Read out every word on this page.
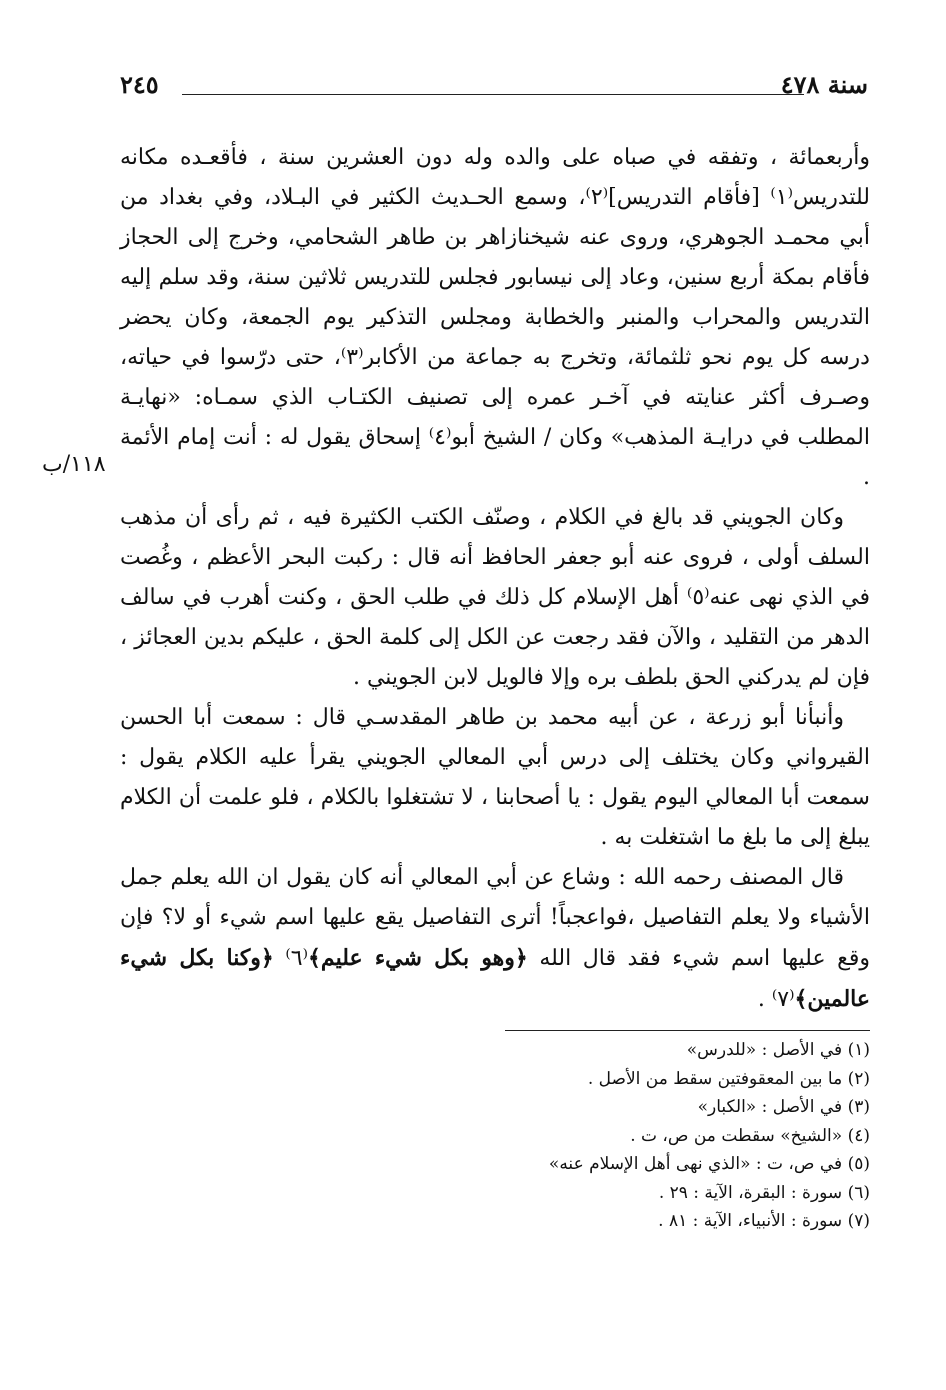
سنة ٤٧٨
٢٤٥
١١٨/ب

وأربعمائة ، وتفقه في صباه على والده وله دون العشرين سنة ، فأقعـده مكانه للتدريس⁽١⁾ [فأقام التدريس]⁽٢⁾، وسمع الحـديث الكثير في البـلاد، وفي بغداد من أبي محمـد الجوهري، وروى عنه شيخنازاهر بن طاهر الشحامي، وخرج إلى الحجاز فأقام بمكة أربع سنين، وعاد إلى نيسابور فجلس للتدريس ثلاثين سنة، وقد سلم إليه التدريس والمحراب والمنبر والخطابة ومجلس التذكير يوم الجمعة، وكان يحضر درسه كل يوم نحو ثلثمائة، وتخرج به جماعة من الأكابر⁽٣⁾، حتى درّسوا في حياته، وصـرف أكثر عنايته في آخـر عمره إلى تصنيف الكتـاب الذي سمـاه: «نهايـة المطلب في درايـة المذهب» وكان / الشيخ أبو⁽٤⁾ إسحاق يقول له : أنت إمام الأئمة .

وكان الجويني قد بالغ في الكلام ، وصنّف الكتب الكثيرة فيه ، ثم رأى أن مذهب السلف أولى ، فروى عنه أبو جعفر الحافظ أنه قال : ركبت البحر الأعظم ، وغُصت في الذي نهى عنه⁽٥⁾ أهل الإسلام كل ذلك في طلب الحق ، وكنت أهرب في سالف الدهر من التقليد ، والآن فقد رجعت عن الكل إلى كلمة الحق ، عليكم بدين العجائز ، فإن لم يدركني الحق بلطف بره وإلا فالويل لابن الجويني .

وأنبأنا أبو زرعة ، عن أبيه محمد بن طاهر المقدسـي قال : سمعت أبا الحسن القيرواني وكان يختلف إلى درس أبي المعالي الجويني يقرأ عليه الكلام يقول : سمعت أبا المعالي اليوم يقول : يا أصحابنا ، لا تشتغلوا بالكلام ، فلو علمت أن الكلام يبلغ إلى ما بلغ ما اشتغلت به .

قال المصنف رحمه الله : وشاع عن أبي المعالي أنه كان يقول ان الله يعلم جمل الأشياء ولا يعلم التفاصيل ،فواعجباً! أترى التفاصيل يقع عليها اسم شيء أو لا؟ فإن وقع عليها اسم شيء فقد قال الله ﴿وهو بكل شيء عليم﴾⁽٦⁾ ﴿وكنا بكل شيء عالمين﴾⁽٧⁾ .

(١) في الأصل : «للدرس»
(٢) ما بين المعقوفتين سقط من الأصل .
(٣) في الأصل : «الكبار»
(٤) «الشيخ» سقطت من ص، ت .
(٥) في ص، ت : «الذي نهى أهل الإسلام عنه»
(٦) سورة : البقرة، الآية : ٢٩ .
(٧) سورة : الأنبياء، الآية : ٨١ .
